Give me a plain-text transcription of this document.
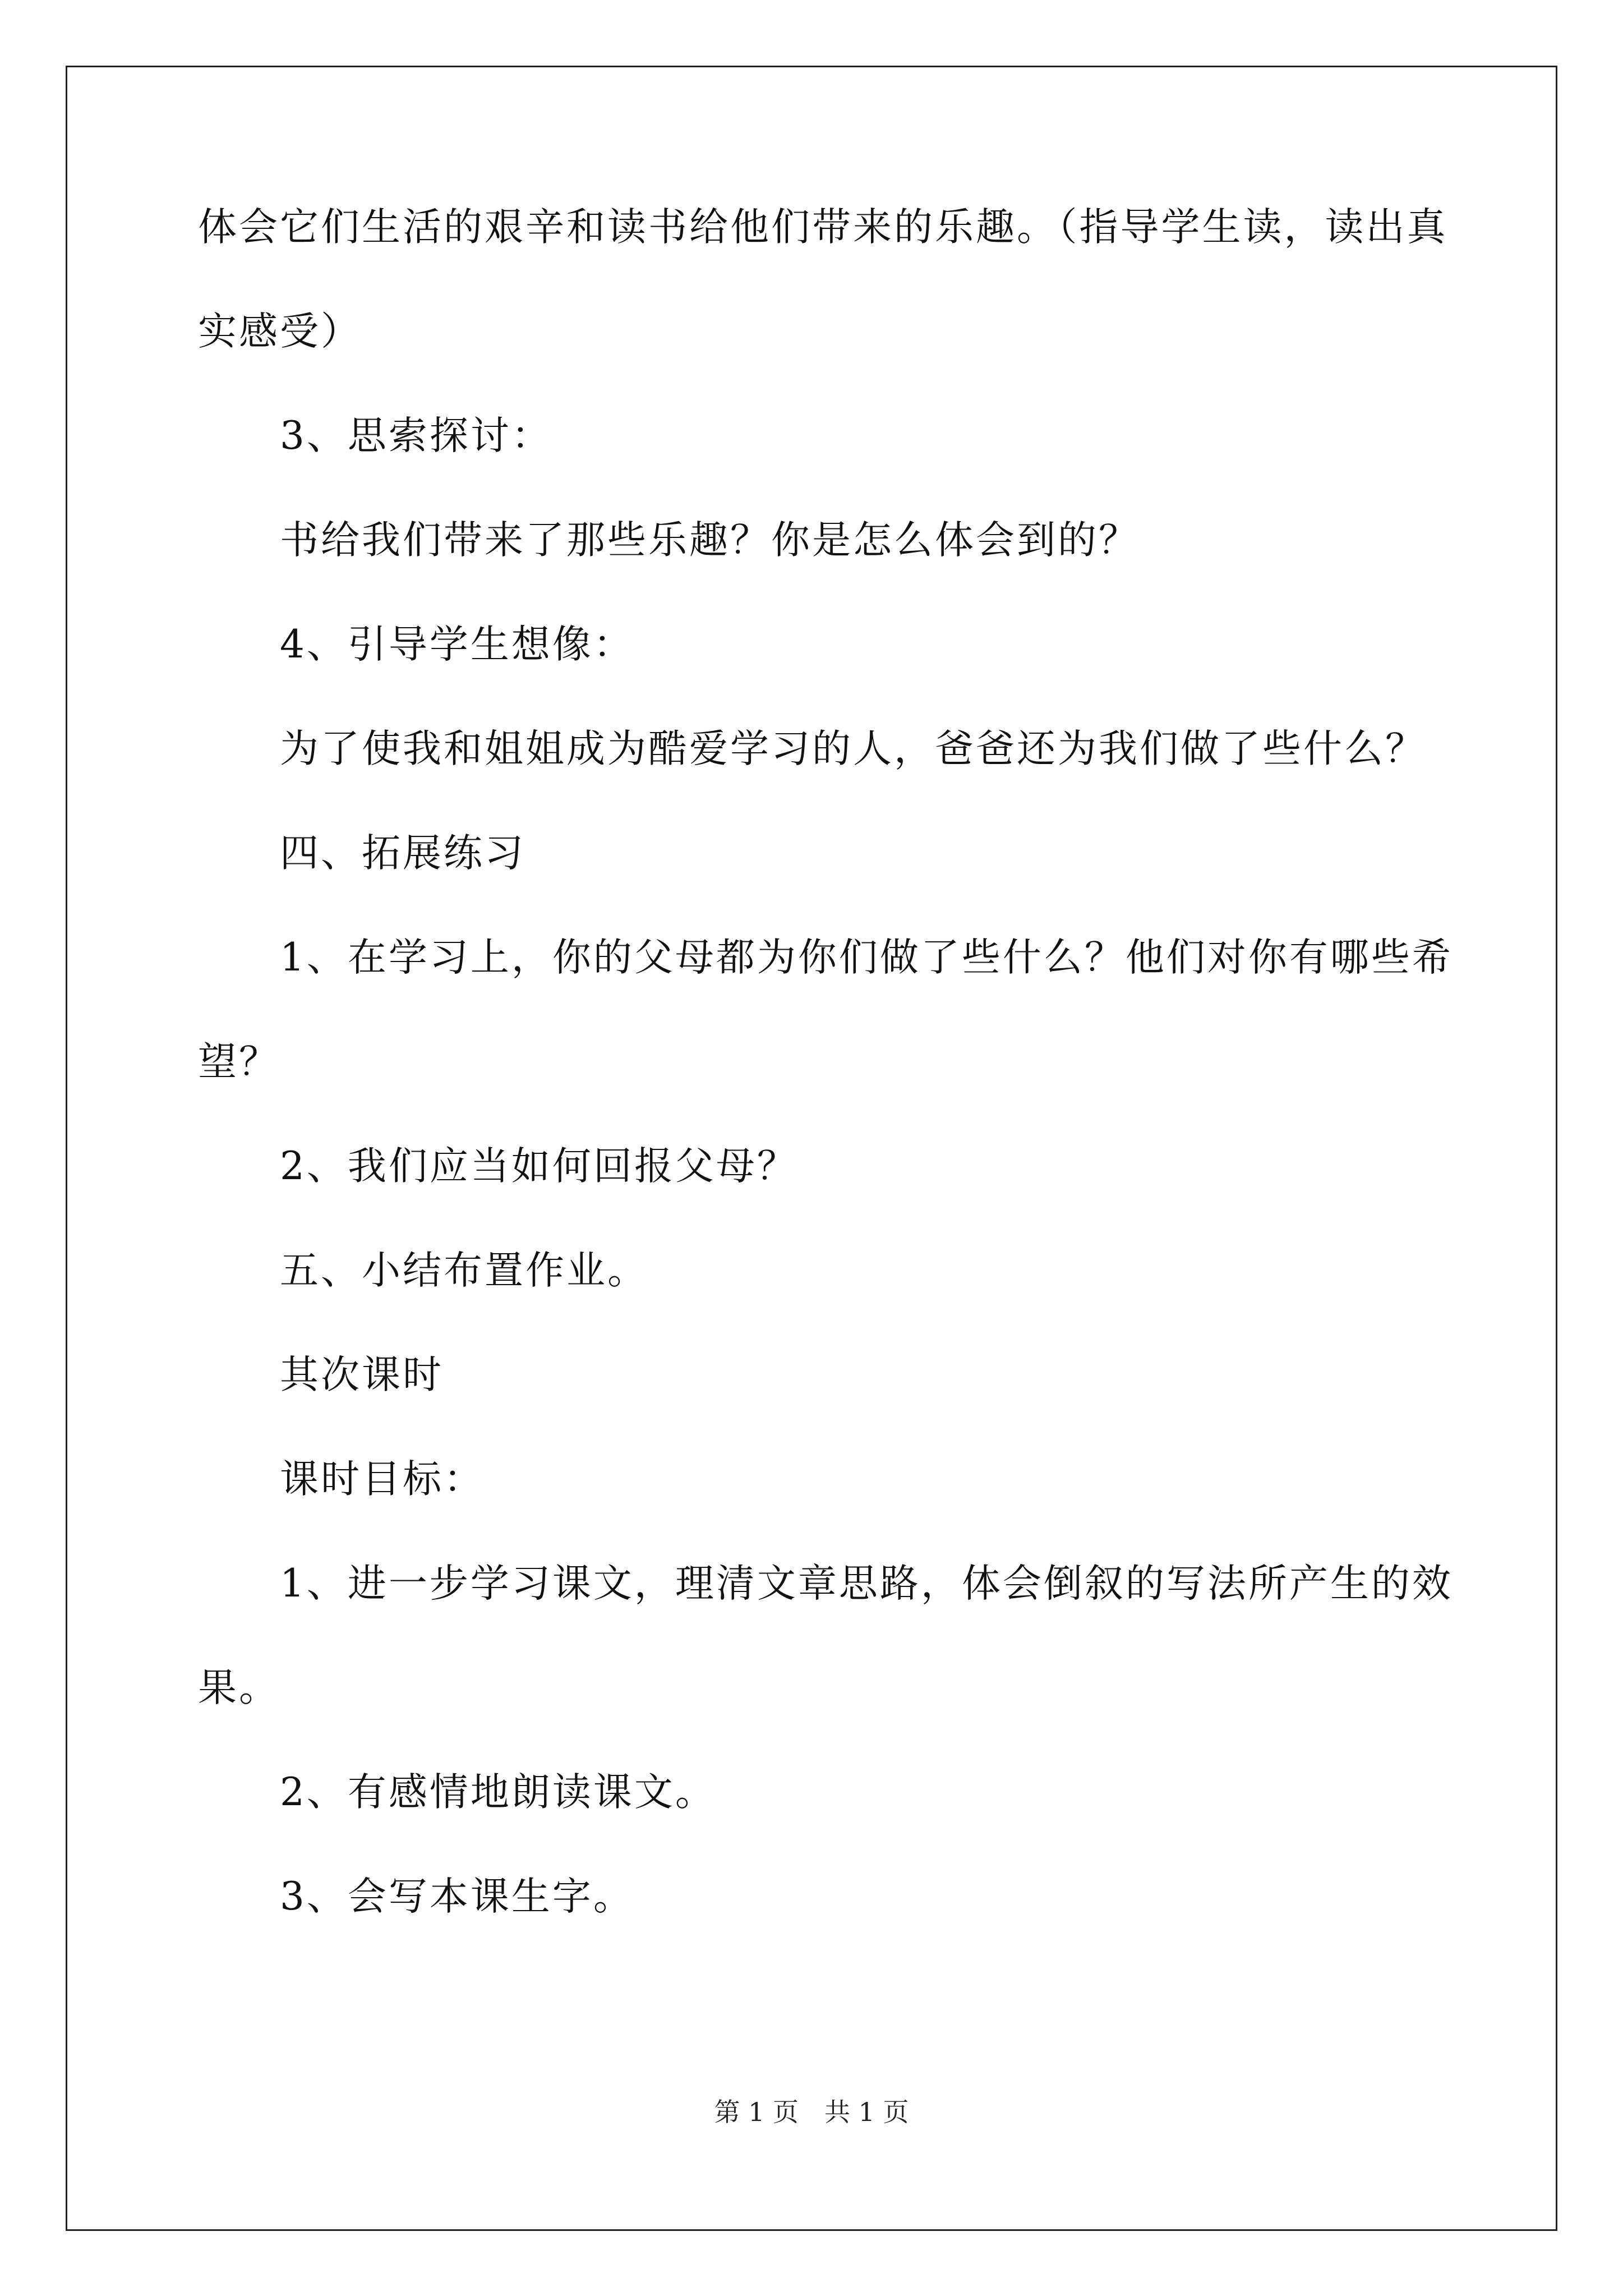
体会它们生活的艰辛和读书给他们带来的乐趣。（指导学生读，读出真
实感受）
3、思索探讨：
书给我们带来了那些乐趣？你是怎么体会到的？
4、引导学生想像：
为了使我和姐姐成为酷爱学习的人，爸爸还为我们做了些什么？
四、拓展练习
1、在学习上，你的父母都为你们做了些什么？他们对你有哪些希
望？
2、我们应当如何回报父母？
五、小结布置作业。
其次课时
课时目标：
1、进一步学习课文，理清文章思路，体会倒叙的写法所产生的效
果。
2、有感情地朗读课文。
3、会写本课生字。
第 1 页　共 1 页
